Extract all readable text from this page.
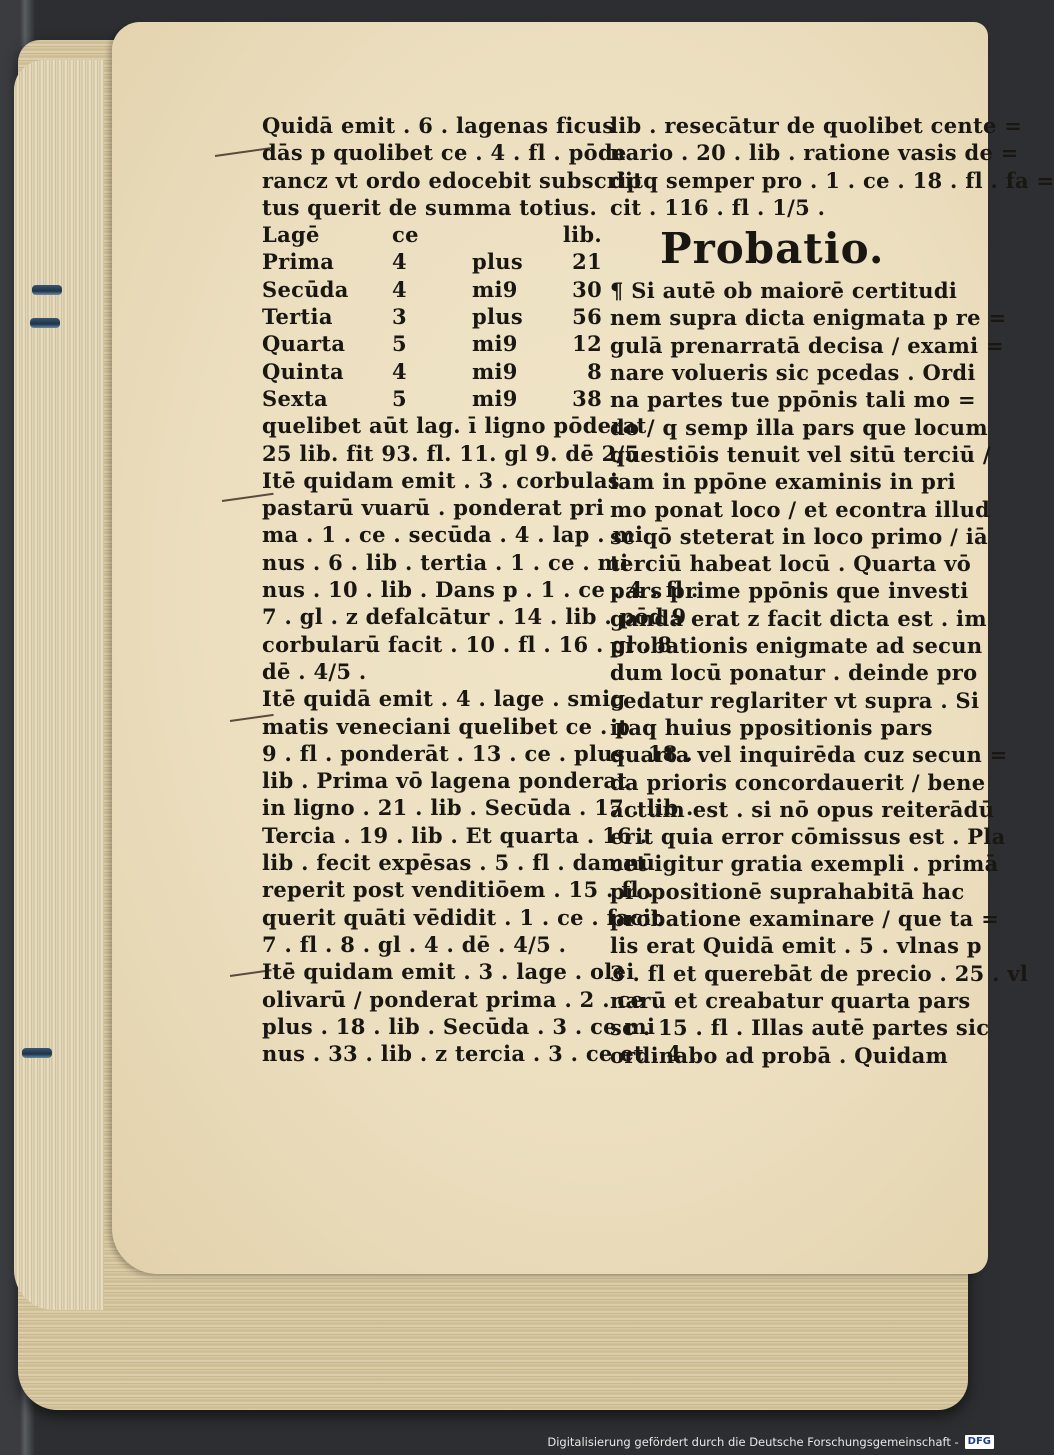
Quidā emit . 6 . lagenas ficus
dās p quolibet ce . 4 . fl . pōde
rancz vt ordo edocebit subscrip
tus querit de summa totius.
Lagē	ce	lib.
Prima	4	plus	21
Secūda	4	mi9	30
Tertia	3	plus	56
Quarta	5	mi9	12
Quinta	4	mi9	8
Sexta	5	mi9	38
quelibet aūt lag. ī ligno pōderat
25 lib. fit 93. fl. 11. gl 9. dē 2/5.
Itē quidam emit . 3 . corbulas
pastarū vuarū . ponderat pri
ma . 1 . ce . secūda . 4 . lap . mi
nus . 6 . lib . tertia . 1 . ce . mi
nus . 10 . lib . Dans p . 1 . ce . 4 . fl .
7 . gl . z defalcātur . 14 . lib . pōd 9
corbularū facit . 10 . fl . 16 . gl . 8 .
dē . 4/5 .
Itē quidā emit . 4 . lage . smig
matis veneciani quelibet ce . p
9 . fl . ponderāt . 13 . ce . plus . 18 .
lib . Prima vō lagena ponderat
in ligno . 21 . lib . Secūda . 17 . lib .
Tercia . 19 . lib . Et quarta . 16 .
lib . fecit expēsas . 5 . fl . damnū
reperit post venditiōem . 15 . fl .
querit quāti vēdidit . 1 . ce . facit
7 . fl . 8 . gl . 4 . dē . 4/5 .
Itē quidam emit . 3 . lage . olei
olivarū / ponderat prima . 2 . ce .
plus . 18 . lib . Secūda . 3 . ce mi
nus . 33 . lib . z tercia . 3 . ce et . 4 .
lib . resecātur de quolibet cente =
nario . 20 . lib . ratione vasis de =
ditq semper pro . 1 . ce . 18 . fl . fa =
cit . 116 . fl . 1/5 .
Probatio.
¶ Si autē ob maiorē certitudi
nem supra dicta enigmata p re =
gulā prenarratā decisa / exami =
nare volueris sic pcedas . Ordi
na partes tue ppōnis tali mo =
do / q semp illa pars que locum
questiōis tenuit vel sitū terciū /
iam in ppōne examinis in pri
mo ponat loco / et econtra illud
sc qō steterat in loco primo / iā
terciū habeat locū . Quarta vō
pars prime ppōnis que investi
ganda erat z facit dicta est . im
probationis enigmate ad secun
dum locū ponatur . deinde pro
cedatur reglariter vt supra . Si
itaq huius ppositionis pars
quarta vel inquirēda cuz secun =
da prioris concordauerit / bene
actum est . si nō opus reiterādū
erit quia error cōmissus est . Pla
cet igitur gratia exempli . primā
propositionē suprahabitā hac
probatione examinare / que ta =
lis erat Quidā emit . 5 . vlnas p
3 . fl et querebāt de precio . 25 . vl
narū et creabatur quarta pars
sc . 15 . fl . Illas autē partes sic
ordinabo ad probā . Quidam
Digitalisierung gefördert durch die Deutsche Forschungsgemeinschaft - DFG
